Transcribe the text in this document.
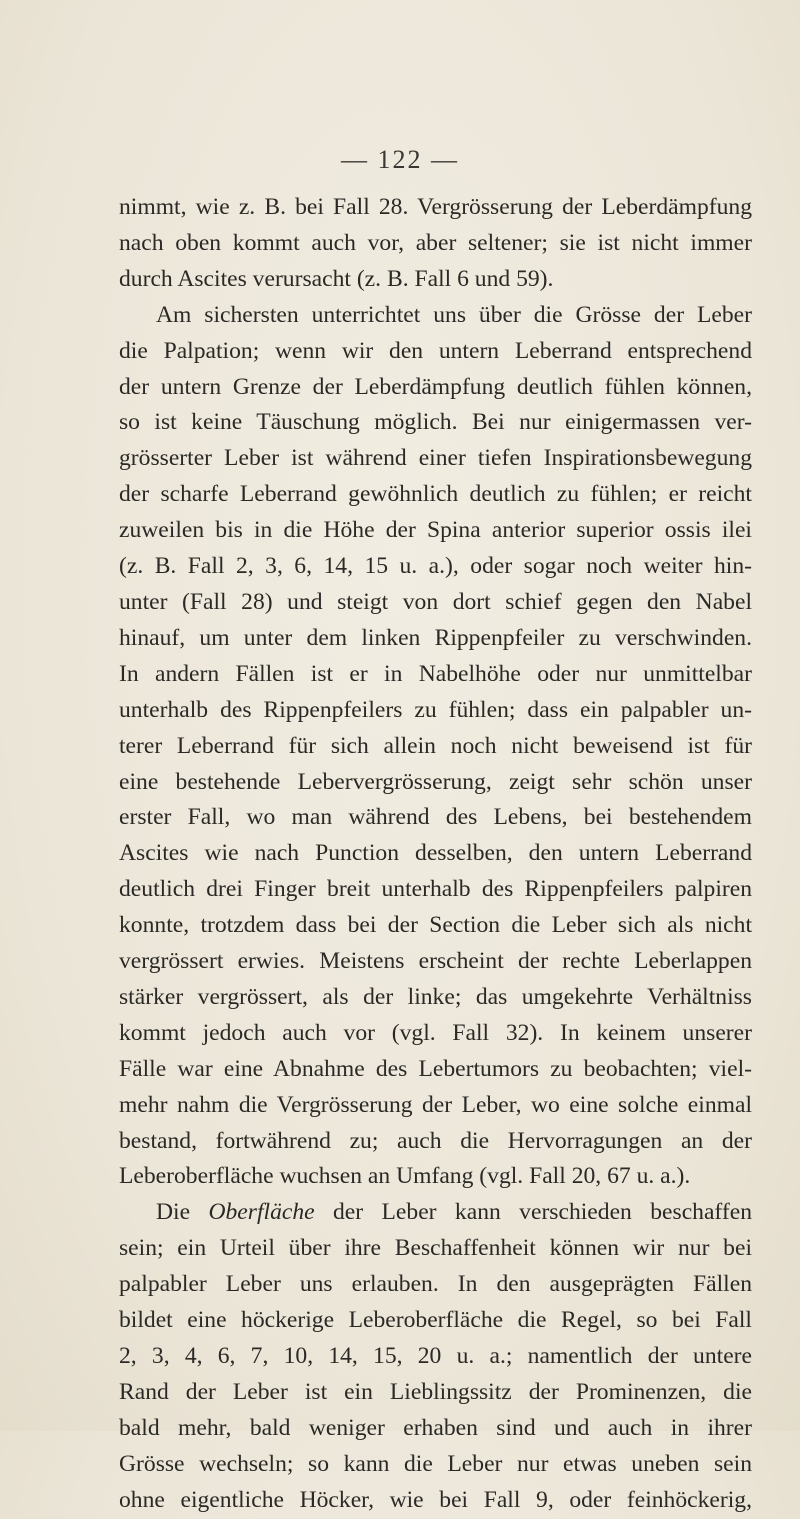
— 122 —
nimmt, wie z. B. bei Fall 28. Vergrösserung der Leberdämpfung
nach oben kommt auch vor, aber seltener; sie ist nicht immer
durch Ascites verursacht (z. B. Fall 6 und 59).
Am sichersten unterrichtet uns über die Grösse der Leber
die Palpation; wenn wir den untern Leberrand entsprechend
der untern Grenze der Leberdämpfung deutlich fühlen können,
so ist keine Täuschung möglich. Bei nur einigermassen ver-
grösserter Leber ist während einer tiefen Inspirationsbewegung
der scharfe Leberrand gewöhnlich deutlich zu fühlen; er reicht
zuweilen bis in die Höhe der Spina anterior superior ossis ilei
(z. B. Fall 2, 3, 6, 14, 15 u. a.), oder sogar noch weiter hin-
unter (Fall 28) und steigt von dort schief gegen den Nabel
hinauf, um unter dem linken Rippenpfeiler zu verschwinden.
In andern Fällen ist er in Nabelhöhe oder nur unmittelbar
unterhalb des Rippenpfeilers zu fühlen; dass ein palpabler un-
terer Leberrand für sich allein noch nicht beweisend ist für
eine bestehende Lebervergrösserung, zeigt sehr schön unser
erster Fall, wo man während des Lebens, bei bestehendem
Ascites wie nach Punction desselben, den untern Leberrand
deutlich drei Finger breit unterhalb des Rippenpfeilers palpiren
konnte, trotzdem dass bei der Section die Leber sich als nicht
vergrössert erwies. Meistens erscheint der rechte Leberlappen
stärker vergrössert, als der linke; das umgekehrte Verhältniss
kommt jedoch auch vor (vgl. Fall 32). In keinem unserer
Fälle war eine Abnahme des Lebertumors zu beobachten; viel-
mehr nahm die Vergrösserung der Leber, wo eine solche einmal
bestand, fortwährend zu; auch die Hervorragungen an der
Leberoberfläche wuchsen an Umfang (vgl. Fall 20, 67 u. a.).
Die Oberfläche der Leber kann verschieden beschaffen
sein; ein Urteil über ihre Beschaffenheit können wir nur bei
palpabler Leber uns erlauben. In den ausgeprägten Fällen
bildet eine höckerige Leberoberfläche die Regel, so bei Fall
2, 3, 4, 6, 7, 10, 14, 15, 20 u. a.; namentlich der untere
Rand der Leber ist ein Lieblingssitz der Prominenzen, die
bald mehr, bald weniger erhaben sind und auch in ihrer
Grösse wechseln; so kann die Leber nur etwas uneben sein
ohne eigentliche Höcker, wie bei Fall 9, oder feinhöckerig,
